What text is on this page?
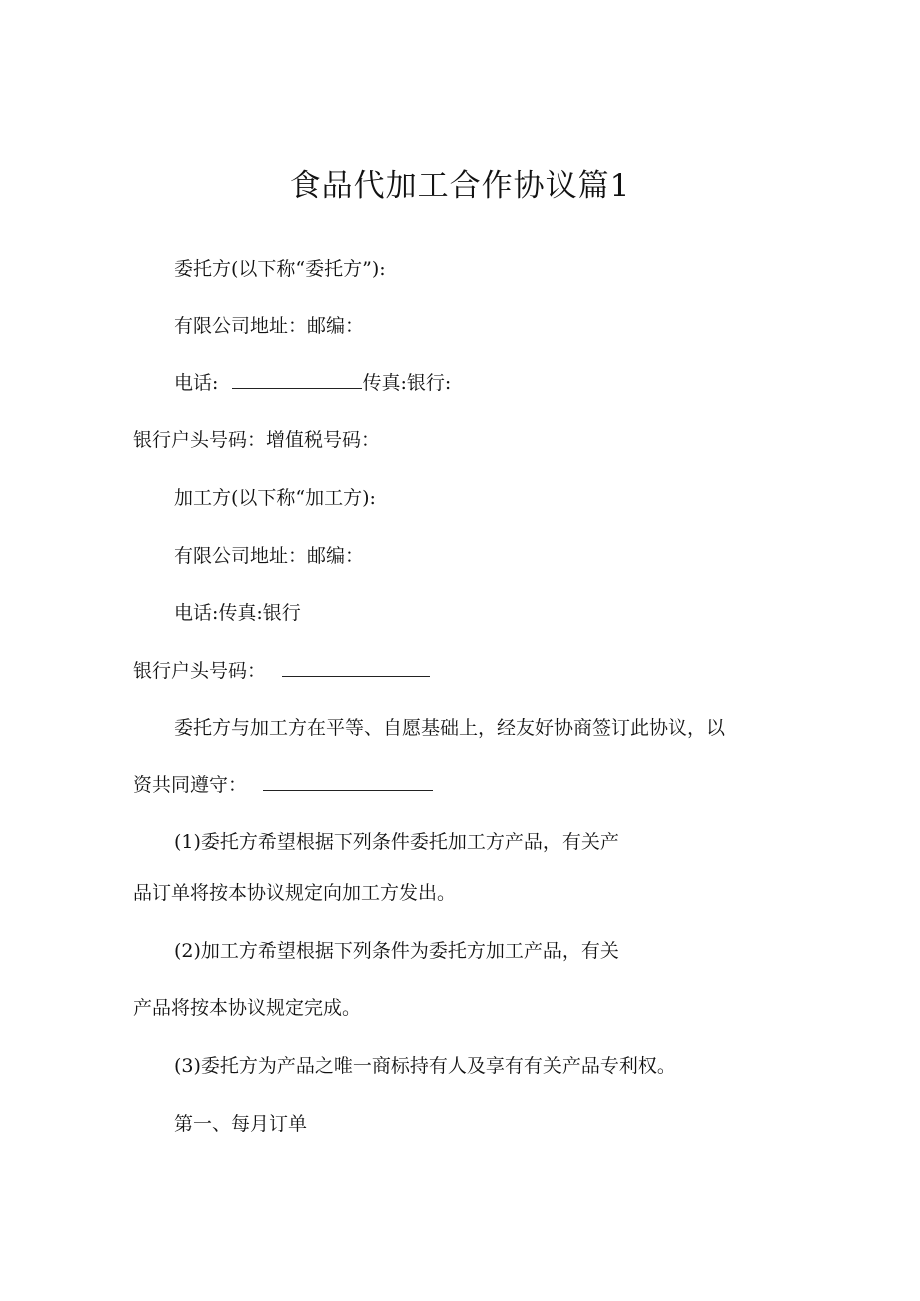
食品代加工合作协议篇1
委托方(以下称“委托方”):
有限公司地址：邮编：
电话:	传真:银行:
银行户头号码：增值税号码：
加工方(以下称“加工方):
有限公司地址：邮编：
电话:传真:银行
银行户头号码：
委托方与加工方在平等、自愿基础上，经友好协商签订此协议，以
资共同遵守：
(1)委托方希望根据下列条件委托加工方产品，有关产
品订单将按本协议规定向加工方发出。
(2)加工方希望根据下列条件为委托方加工产品，有关
产品将按本协议规定完成。
(3)委托方为产品之唯一商标持有人及享有有关产品专利权。
第一、每月订单
